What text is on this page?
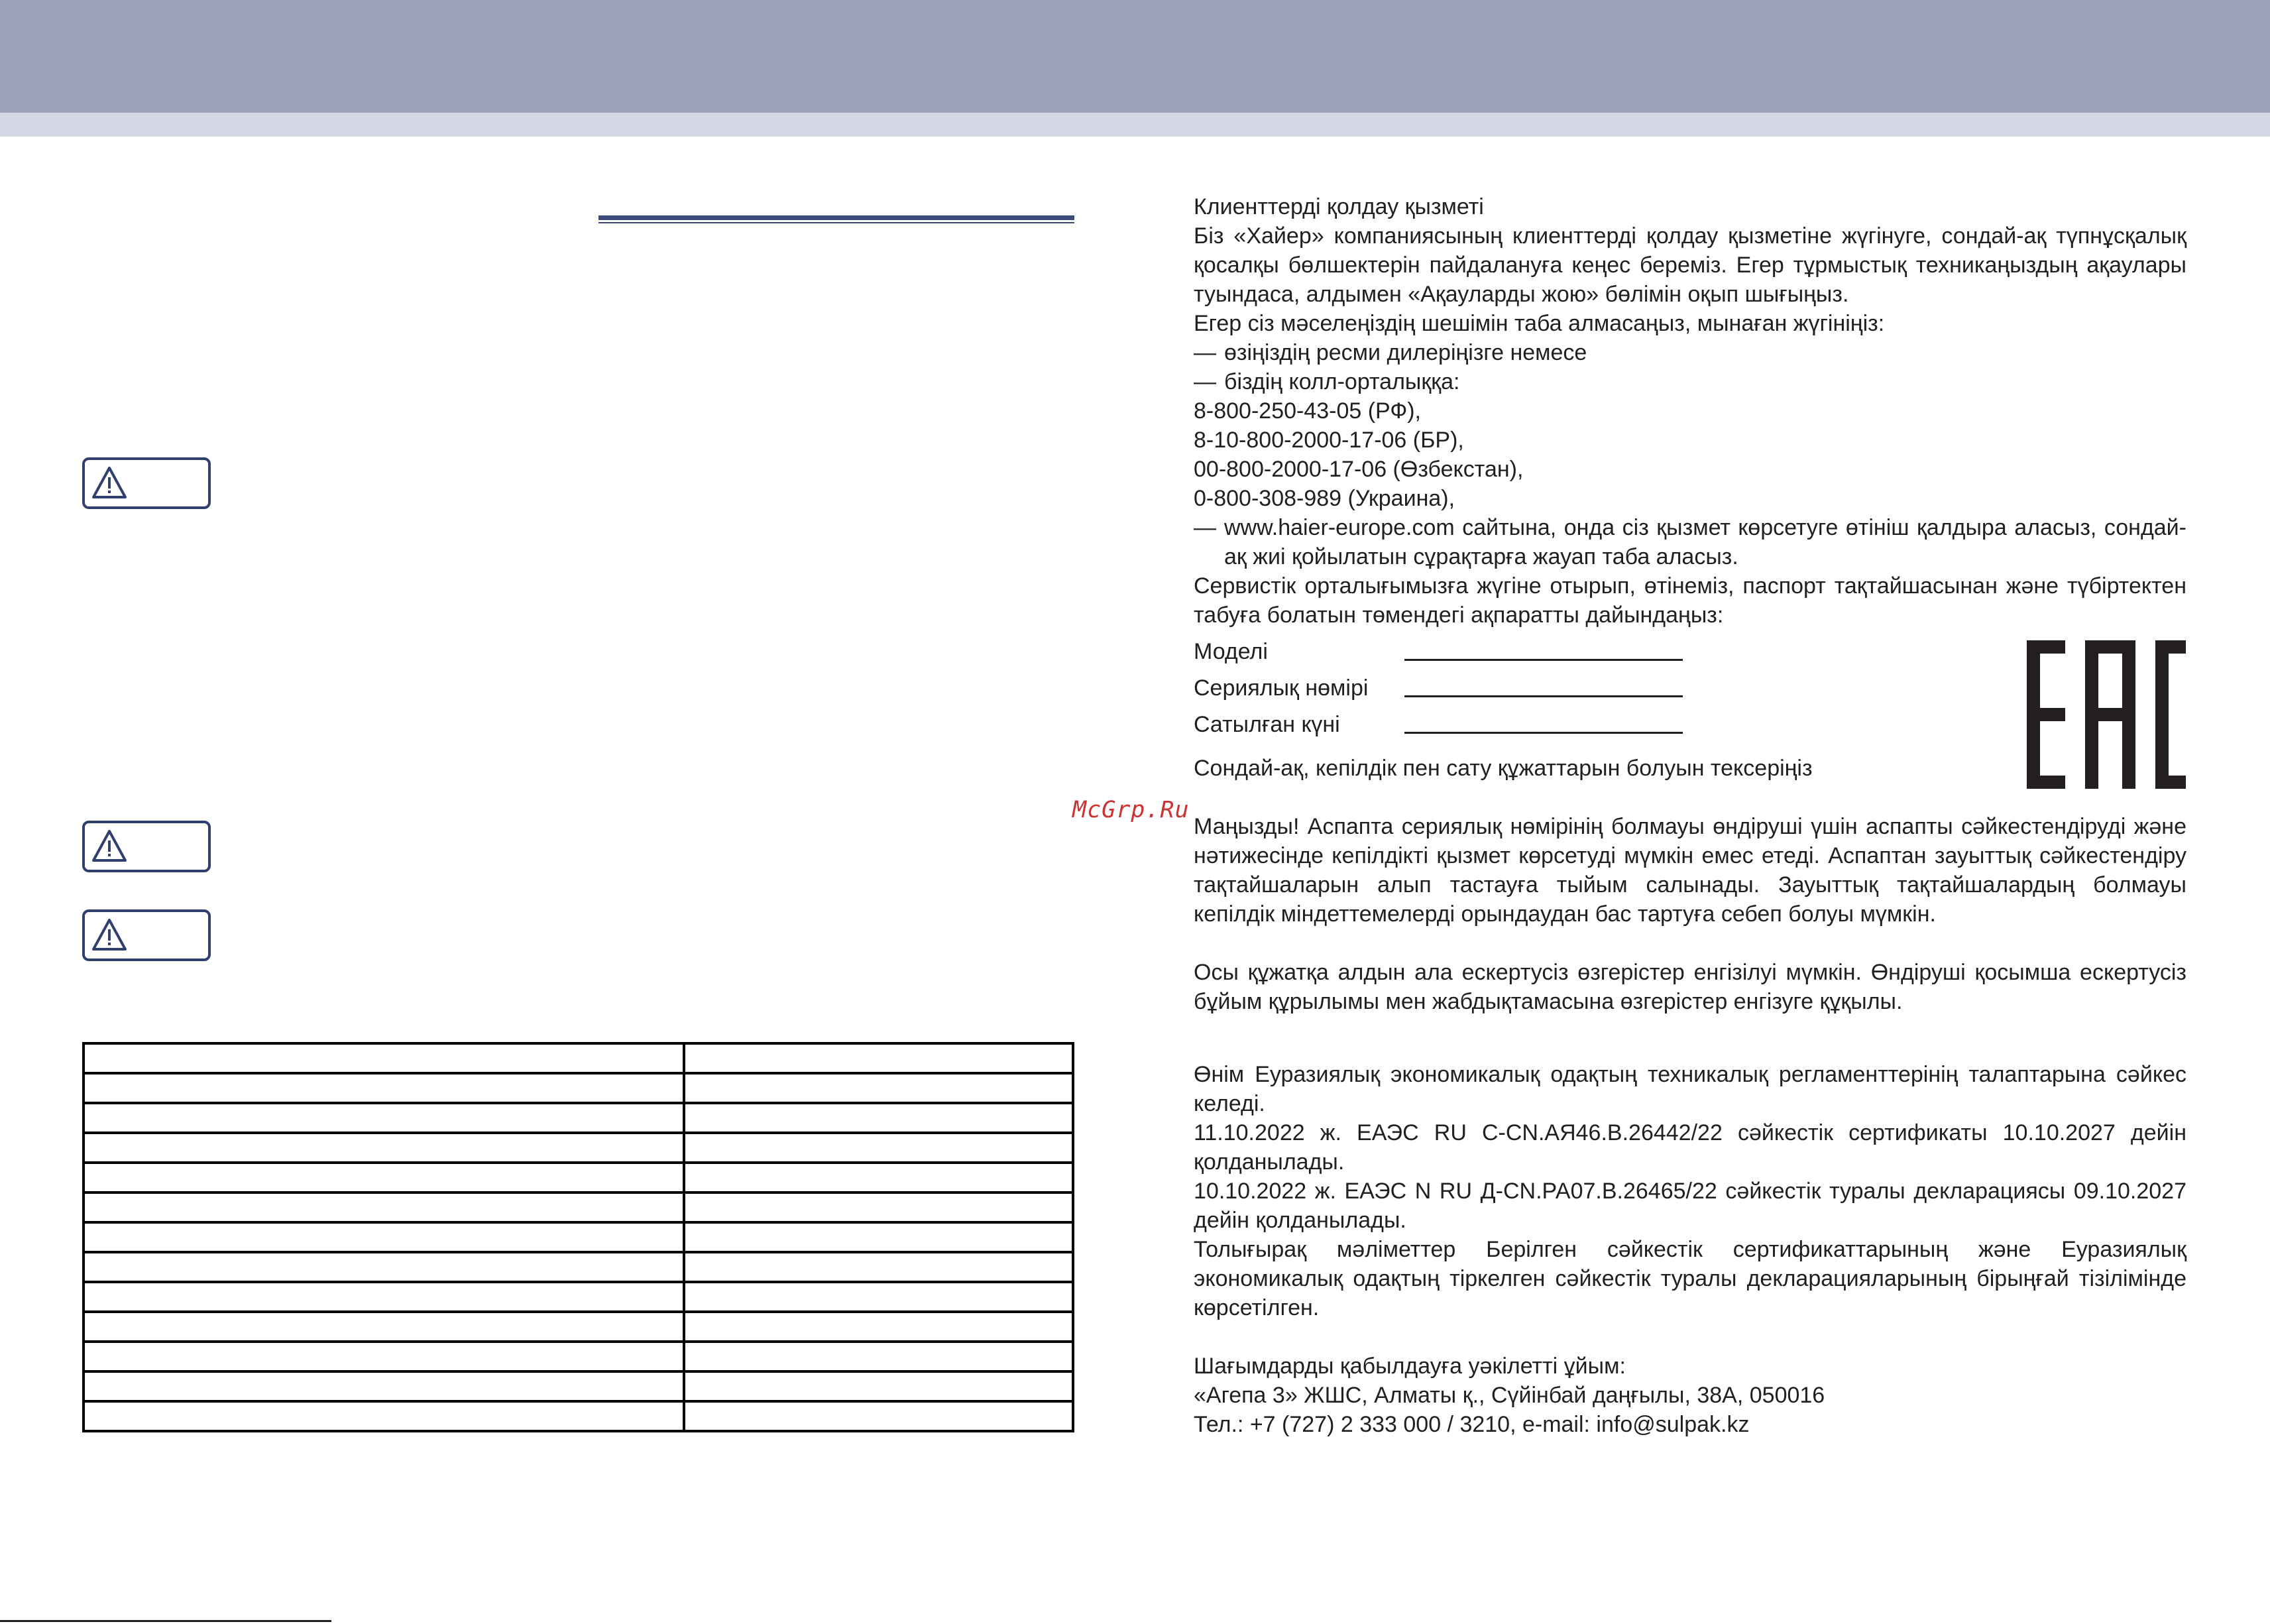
McGrp.Ru

Клиенттерді қолдау қызметі

Біз «Хайер» компаниясының клиенттерді қолдау қызметіне жүгінуге, сондай-ақ түпнұсқалық қосалқы бөлшектерін пайдалануға кеңес береміз. Егер тұрмыстық техникаңыздың ақаулары туындаса, алдымен «Ақауларды жою» бөлімін оқып шығыңыз.

Егер сіз мәселеңіздің шешімін таба алмасаңыз, мынаған жүгініңіз:

— өзіңіздің ресми дилеріңізге немесе
— біздің колл-орталыққа:

8-800-250-43-05 (РФ),

8-10-800-2000-17-06 (БР),

00-800-2000-17-06 (Өзбекстан),

0-800-308-989 (Украина),

— www.haier-europe.com сайтына, онда сіз қызмет көрсетуге өтініш қалдыра аласыз, сондай-ақ жиі қойылатын сұрақтарға жауап таба аласыз.

Сервистік орталығымызға жүгіне отырып, өтінеміз, паспорт тақтайшасынан және түбіртектен табуға болатын төмендегі ақпаратты дайындаңыз:

Моделі
Сериялық нөмірі
Сатылған күні

Сондай-ақ, кепілдік пен сату құжаттарын болуын тексеріңіз

Маңызды! Аспапта сериялық нөмірінің болмауы өндіруші үшін аспапты сәйкестендіруді және нәтижесінде кепілдікті қызмет көрсетуді мүмкін емес етеді. Аспаптан зауыттық сәйкестендіру тақтайшаларын алып тастауға тыйым салынады. Зауыттық тақтайшалардың болмауы кепілдік міндеттемелерді орындаудан бас тартуға себеп болуы мүмкін.

Осы құжатқа алдын ала ескертусіз өзгерістер енгізілуі мүмкін. Өндіруші қосымша ескертусіз бұйым құрылымы мен жабдықтамасына өзгерістер енгізуге құқылы.

Өнім Еуразиялық экономикалық одақтың техникалық регламенттерінің талаптарына сәйкес келеді.

11.10.2022 ж. ЕАЭС RU C-CN.АЯ46.В.26442/22 сәйкестік сертификаты 10.10.2027 дейін қолданылады.

10.10.2022 ж. ЕАЭС N RU Д-CN.РА07.В.26465/22 сәйкестік туралы декларациясы 09.10.2027 дейін қолданылады.

Толығырақ мәліметтер Берілген сәйкестік сертификаттарының және Еуразиялық экономикалық одақтың тіркелген сәйкестік туралы декларацияларының бірыңғай тізілімінде көрсетілген.

Шағымдарды қабылдауға уәкілетті ұйым:

«Агепа 3» ЖШС, Алматы қ., Сүйінбай даңғылы, 38А, 050016

Тел.: +7 (727) 2 333 000 / 3210, e-mail: info@sulpak.kz
